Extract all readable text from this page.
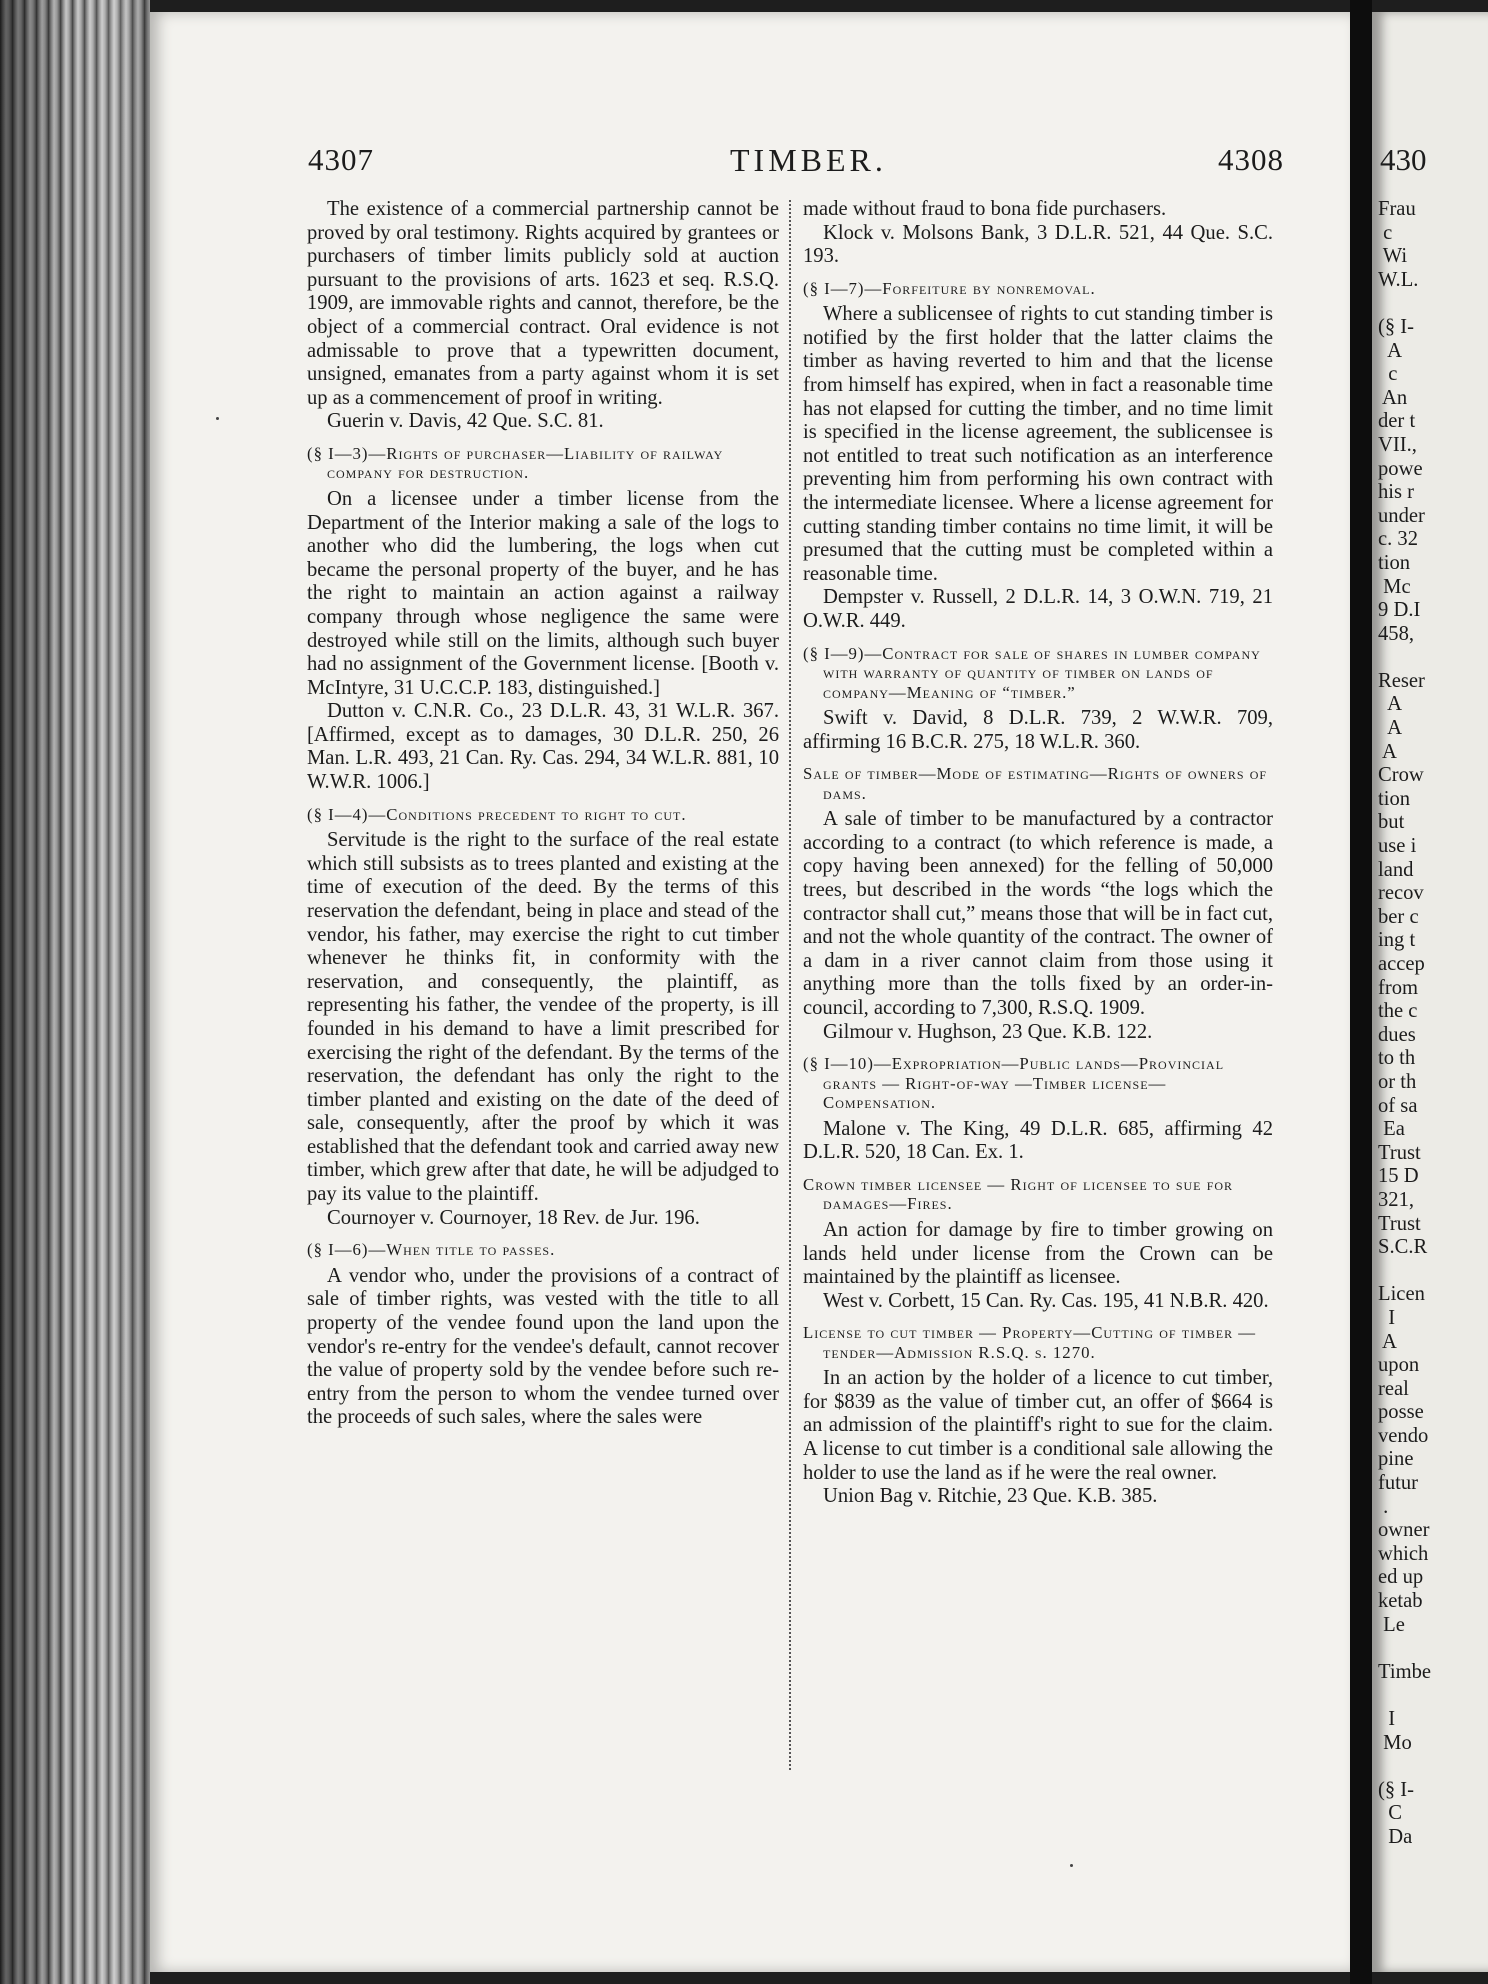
4307	TIMBER.	4308

The existence of a commercial partnership cannot be proved by oral testimony. Rights acquired by grantees or purchasers of timber limits publicly sold at auction pursuant to the provisions of arts. 1623 et seq. R.S.Q. 1909, are immovable rights and cannot, therefore, be the object of a commercial contract. Oral evidence is not admissable to prove that a typewritten document, unsigned, emanates from a party against whom it is set up as a commencement of proof in writing.

Guerin v. Davis, 42 Que. S.C. 81.

(§ I—3)—Rights of purchaser—Liability of railway company for destruction.

On a licensee under a timber license from the Department of the Interior making a sale of the logs to another who did the lumbering, the logs when cut became the personal property of the buyer, and he has the right to maintain an action against a railway company through whose negligence the same were destroyed while still on the limits, although such buyer had no assignment of the Government license. [Booth v. McIntyre, 31 U.C.C.P. 183, distinguished.]

Dutton v. C.N.R. Co., 23 D.L.R. 43, 31 W.L.R. 367. [Affirmed, except as to damages, 30 D.L.R. 250, 26 Man. L.R. 493, 21 Can. Ry. Cas. 294, 34 W.L.R. 881, 10 W.W.R. 1006.]

(§ I—4)—Conditions precedent to right to cut.

Servitude is the right to the surface of the real estate which still subsists as to trees planted and existing at the time of execution of the deed. By the terms of this reservation the defendant, being in place and stead of the vendor, his father, may exercise the right to cut timber whenever he thinks fit, in conformity with the reservation, and consequently, the plaintiff, as representing his father, the vendee of the property, is ill founded in his demand to have a limit prescribed for exercising the right of the defendant. By the terms of the reservation, the defendant has only the right to the timber planted and existing on the date of the deed of sale, consequently, after the proof by which it was established that the defendant took and carried away new timber, which grew after that date, he will be adjudged to pay its value to the plaintiff.

Cournoyer v. Cournoyer, 18 Rev. de Jur. 196.

(§ I—6)—When title to passes.

A vendor who, under the provisions of a contract of sale of timber rights, was vested with the title to all property of the vendee found upon the land upon the vendor's re-entry for the vendee's default, cannot recover the value of property sold by the vendee before such re-entry from the person to whom the vendee turned over the proceeds of such sales, where the sales were

made without fraud to bona fide purchasers.

Klock v. Molsons Bank, 3 D.L.R. 521, 44 Que. S.C. 193.

(§ I—7)—Forfeiture by nonremoval.

Where a sublicensee of rights to cut standing timber is notified by the first holder that the latter claims the timber as having reverted to him and that the license from himself has expired, when in fact a reasonable time has not elapsed for cutting the timber, and no time limit is specified in the license agreement, the sublicensee is not entitled to treat such notification as an interference preventing him from performing his own contract with the intermediate licensee. Where a license agreement for cutting standing timber contains no time limit, it will be presumed that the cutting must be completed within a reasonable time.

Dempster v. Russell, 2 D.L.R. 14, 3 O.W.N. 719, 21 O.W.R. 449.

(§ I—9)—Contract for sale of shares in lumber company with warranty of quantity of timber on lands of company—Meaning of “timber.”

Swift v. David, 8 D.L.R. 739, 2 W.W.R. 709, affirming 16 B.C.R. 275, 18 W.L.R. 360.

Sale of timber—Mode of estimating—Rights of owners of dams.

A sale of timber to be manufactured by a contractor according to a contract (to which reference is made, a copy having been annexed) for the felling of 50,000 trees, but described in the words “the logs which the contractor shall cut,” means those that will be in fact cut, and not the whole quantity of the contract. The owner of a dam in a river cannot claim from those using it anything more than the tolls fixed by an order-in-council, according to 7,300, R.S.Q. 1909.

Gilmour v. Hughson, 23 Que. K.B. 122.

(§ I—10)—Expropriation—Public lands—Provincial grants — Right-of-way —Timber license—Compensation.

Malone v. The King, 49 D.L.R. 685, affirming 42 D.L.R. 520, 18 Can. Ex. 1.

Crown timber licensee — Right of licensee to sue for damages—Fires.

An action for damage by fire to timber growing on lands held under license from the Crown can be maintained by the plaintiff as licensee.

West v. Corbett, 15 Can. Ry. Cas. 195, 41 N.B.R. 420.

License to cut timber — Property—Cutting of timber — tender—Admission R.S.Q. s. 1270.

In an action by the holder of a licence to cut timber, for $839 as the value of timber cut, an offer of $664 is an admission of the plaintiff's right to sue for the claim. A license to cut timber is a conditional sale allowing the holder to use the land as if he were the real owner.

Union Bag v. Ritchie, 23 Que. K.B. 385.

430
Frau
c
Wi
W.L.

(§ I-
A
c
An
der t
VII.,
powe
his r
under
c. 32
tion
Mc
9 D.I
458,

Reser
A
A
A
Crow
tion
but
use i
land
recov
ber c
ing t
accep
from
the c
dues
to th
or th
of sa
Ea
Trust
15 D
321,
Trust
S.C.R

Licen
I
A
upon
real
posse
vendo
pine
futur
.
owner
which
ed up
ketab
Le

Timbe

I
Mo

(§ I-
C
Da
